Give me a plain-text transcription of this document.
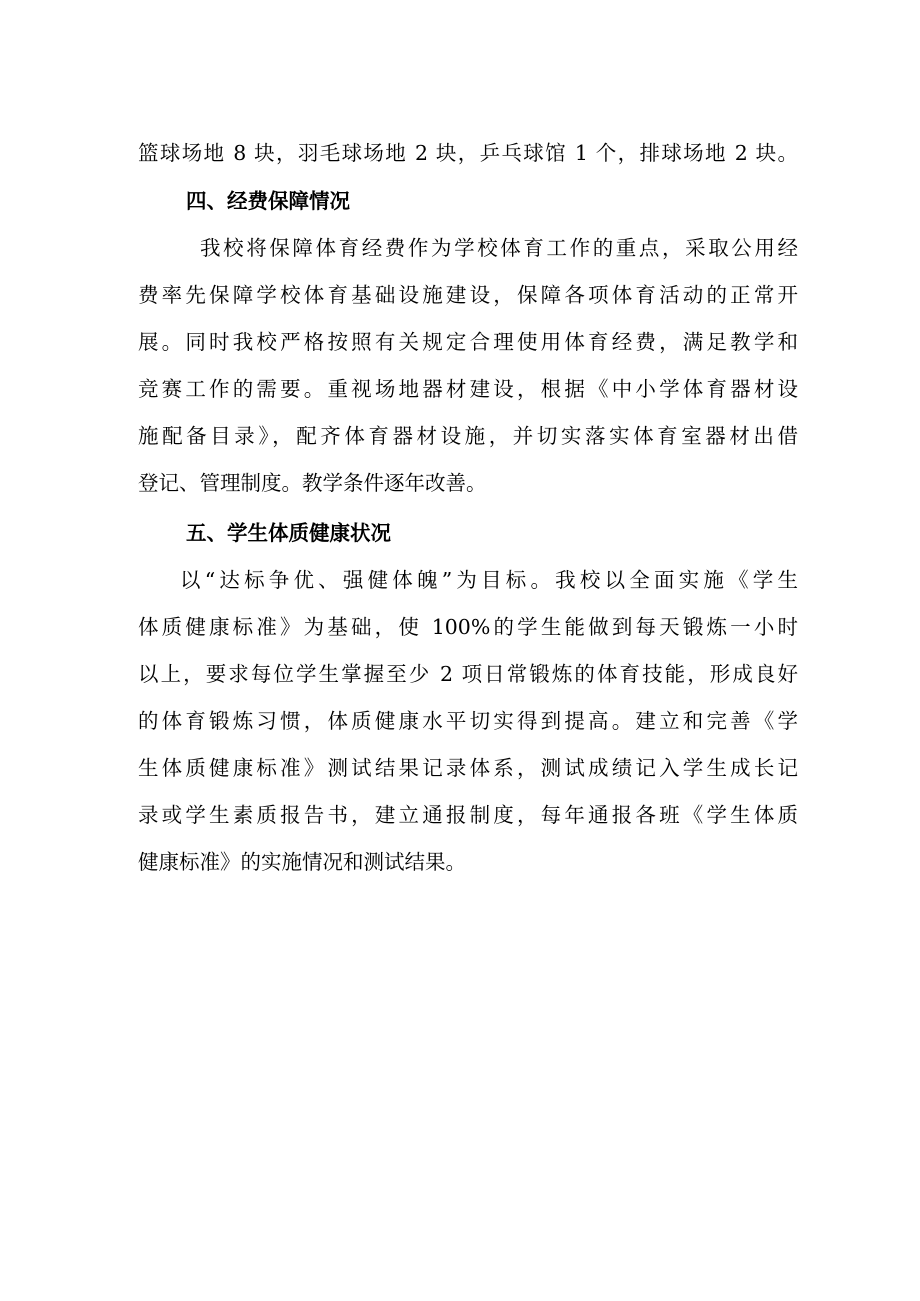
篮球场地 8 块，羽毛球场地 2 块，乒乓球馆 1 个，排球场地 2 块。
四、经费保障情况
我校将保障体育经费作为学校体育工作的重点，采取公用经
费率先保障学校体育基础设施建设，保障各项体育活动的正常开
展。同时我校严格按照有关规定合理使用体育经费，满足教学和
竞赛工作的需要。重视场地器材建设，根据《中小学体育器材设
施配备目录》，配齐体育器材设施，并切实落实体育室器材出借
登记、管理制度。教学条件逐年改善。
五、学生体质健康状况
以“达标争优、强健体魄”为目标。我校以全面实施《学生
体质健康标准》为基础，使 100%的学生能做到每天锻炼一小时
以上，要求每位学生掌握至少 2 项日常锻炼的体育技能，形成良好
的体育锻炼习惯，体质健康水平切实得到提高。建立和完善《学
生体质健康标准》测试结果记录体系，测试成绩记入学生成长记
录或学生素质报告书，建立通报制度，每年通报各班《学生体质
健康标准》的实施情况和测试结果。
